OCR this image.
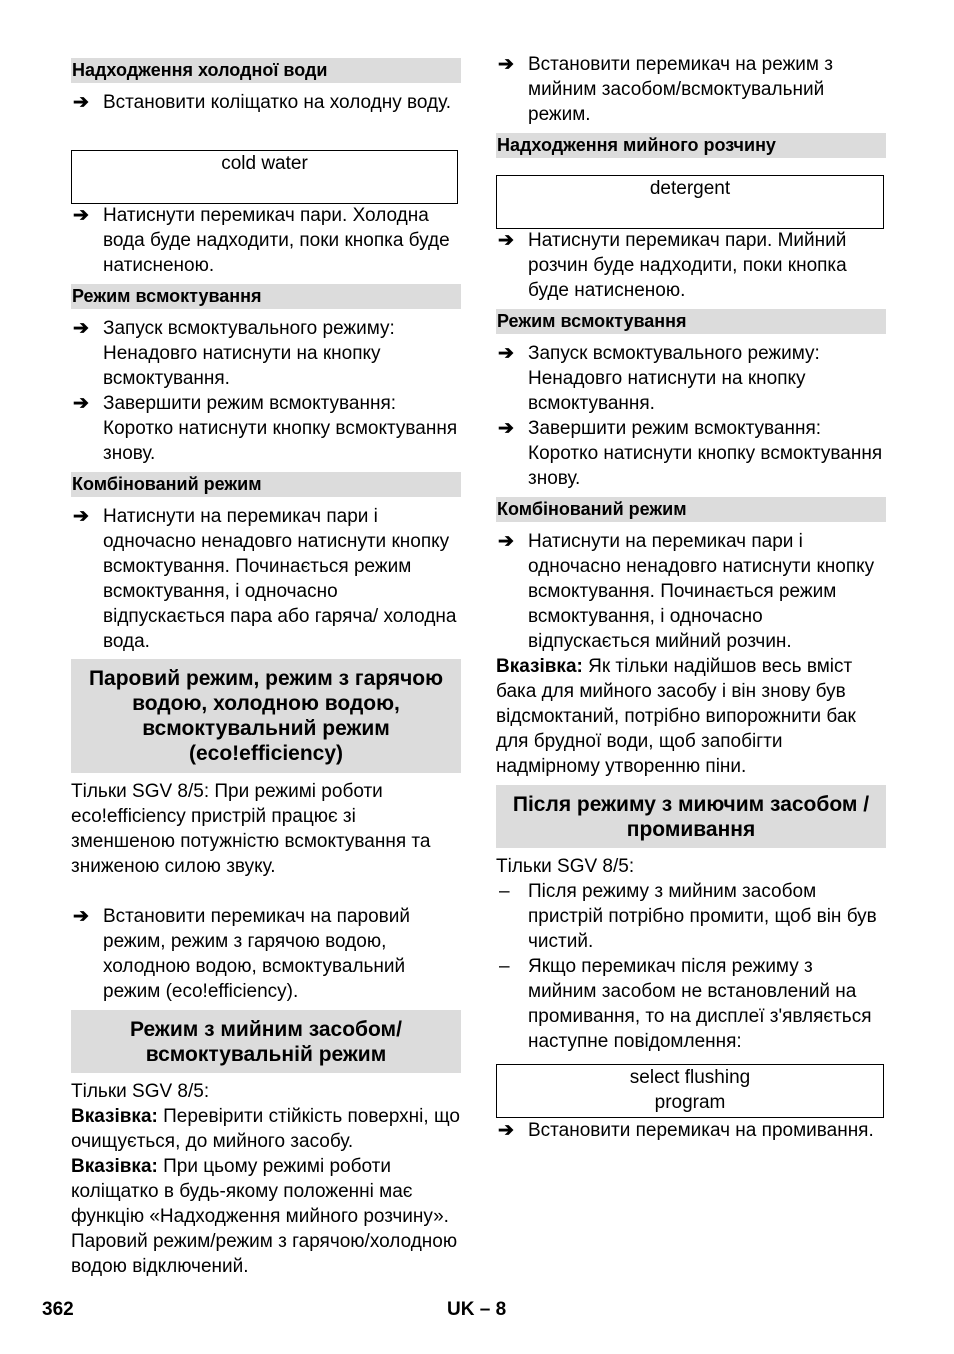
Надходження холодної води
➔ Встановити коліщатко на холодну воду.
cold water
➔ Натиснути перемикач пари. Холодна вода буде надходити, поки кнопка буде натисненою.
Режим всмоктування
➔ Запуск всмоктувального режиму: Ненадовго натиснути на кнопку всмоктування.
➔ Завершити режим всмоктування: Коротко натиснути кнопку всмоктування знову.
Комбінований режим
➔ Натиснути на перемикач пари і одночасно ненадовго натиснути кнопку всмоктування. Починається режим всмоктування, і одночасно відпускається пара або гаряча/ холодна вода.
Паровий режим, режим з гарячою водою, холодною водою, всмоктувальний режим (eco!efficiency)
Тільки SGV 8/5: При режимі роботи eco!efficiency пристрій працює зі зменшеною потужністю всмоктування та зниженою силою звуку.
➔ Встановити перемикач на паровий режим, режим з гарячою водою, холодною водою, всмоктувальний режим (eco!efficiency).
Режим з мийним засобом/ всмоктувальній режим
Тільки SGV 8/5:
Вказівка: Перевірити стійкість поверхні, що очищується, до мийного засобу.
Вказівка: При цьому режимі роботи коліщатко в будь-якому положенні має функцію «Надходження мийного розчину». Паровий режим/режим з гарячою/холодною водою відключений.
➔ Встановити перемикач на режим з мийним засобом/всмоктувальний режим.
Надходження мийного розчину
detergent
➔ Натиснути перемикач пари. Мийний розчин буде надходити, поки кнопка буде натисненою.
Режим всмоктування
➔ Запуск всмоктувального режиму: Ненадовго натиснути на кнопку всмоктування.
➔ Завершити режим всмоктування: Коротко натиснути кнопку всмоктування знову.
Комбінований режим
➔ Натиснути на перемикач пари і одночасно ненадовго натиснути кнопку всмоктування. Починається режим всмоктування, і одночасно відпускається мийний розчин.
Вказівка: Як тільки надійшов весь вміст бака для мийного засобу і він знову був відсмоктаний, потрібно випорожнити бак для брудної води, щоб запобігти надмірному утворенню піни.
Після режиму з миючим засобом / промивання
Тільки SGV 8/5:
– Після режиму з мийним засобом пристрій потрібно промити, щоб він був чистий.
– Якщо перемикач після режиму з мийним засобом не встановлений на промивання, то на дисплеї з'являється наступне повідомлення:
select flushing
program
➔ Встановити перемикач на промивання.
362	UK – 8
